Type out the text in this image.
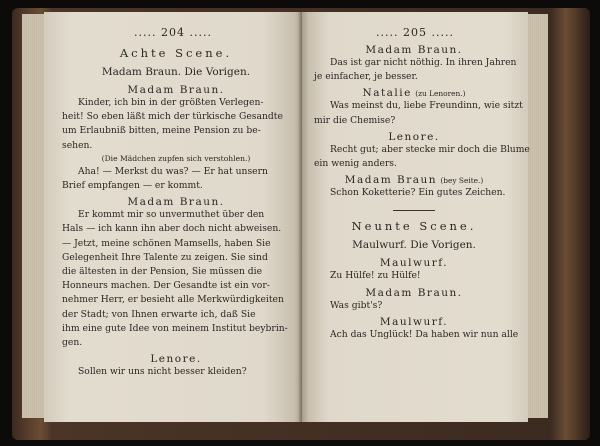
..... 204 .....
Achte Scene.
Madam Braun. Die Vorigen.
Madam Braun.
Kinder, ich bin in der größten Verlegen-
heit! So eben läßt mich der türkische Gesandte
um Erlaubniß bitten, meine Pension zu be-
sehen.
(Die Mädchen zupfen sich verstohlen.)
Aha! — Merkst du was? — Er hat unsern
Brief empfangen — er kommt.
Madam Braun.
Er kommt mir so unvermuthet über den
Hals — ich kann ihn aber doch nicht abweisen.
— Jetzt, meine schönen Mamsells, haben Sie
Gelegenheit Ihre Talente zu zeigen. Sie sind
die ältesten in der Pension, Sie müssen die
Honneurs machen. Der Gesandte ist ein vor-
nehmer Herr, er besieht alle Merkwürdigkeiten
der Stadt; von Ihnen erwarte ich, daß Sie
ihm eine gute Idee von meinem Institut beybrin-
gen.
Lenore.
Sollen wir uns nicht besser kleiden?
..... 205 .....
Madam Braun.
Das ist gar nicht nöthig. In ihren Jahren
je einfacher, je besser.
Natalie (zu Lenoren.)
Was meinst du, liebe Freundinn, wie sitzt
mir die Chemise?
Lenore.
Recht gut; aber stecke mir doch die Blume
ein wenig anders.
Madam Braun (bey Seite.)
Schon Koketterie? Ein gutes Zeichen.
Neunte Scene.
Maulwurf. Die Vorigen.
Maulwurf.
Zu Hülfe! zu Hülfe!
Madam Braun.
Was gibt's?
Maulwurf.
Ach das Unglück! Da haben wir nun alle
